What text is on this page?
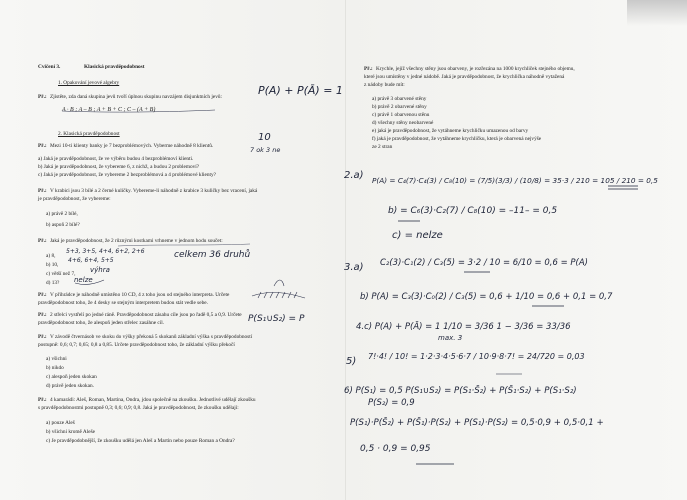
Cvičení 3.	Klasická pravděpodobnost
1. Opakování jevové algebry
Př.: Zjistěte, zda daná skupina jevů tvoří úplnou skupinu navzájem disjunktních jevů:
A · B ; A – B ; A + B + C ; C – (A + B)
P(A) + P(Ā) = 1
2. Klasická pravděpodobnost
Př.: Mezi 10-ti klienty banky je 7 bezproblémových. Vyberme náhodně 8 klientů.
10
7 ok 3 ne
a) Jaká je pravděpodobnost, že ve výběru budou 4 bezproblémoví klienti.
b) Jaká je pravděpodobnost, že vybereme 6, z nichž, a budou 2 problemoví?
c) Jaká je pravděpodobnost, že vybereme 2 bezproblémová a 4 problémové klienty?
Př.: V krabici jsou 3 bílé a 2 černé kuličky. Vybereme-li náhodně z krabice 3 kuličky bez vracení, jaká
je pravděpodobnost, že vybereme:
a) právě 2 bílé,
b) aspoň 2 bílé?
Př.: Jaká je pravděpodobnost, že 2 různými kostkami vrhneme v jednom hodu součet:
a) 8,
b) 10,
c) větší než 7,
d) 13?
5+3, 3+5, 4+4, 6+2, 2+6
4+6, 6+4, 5+5
výhra
nelze
celkem 36 druhů
Př.: V přihrádce je náhodně umístěno 10 CD, 4 z toho jsou od stejného interpreta. Určete
pravděpodobnost toho, že 4 desky se stejným interpretem budou stát vedle sebe.
Př.: 2 střelci vystřelí po jedné ráně. Pravděpodobnost zásahu cíle jsou po řadě 0,5 a 0,9. Určete
pravděpodobnost toho, že alespoň jeden střelec zasáhne cíl.	P(S₁∪S₂) = P
Př.: V závodě čtvernásob ve skoku do výšky překoná 5 skokanů základní výška s pravděpodobností
postupně: 0,6; 0,7; 0,65; 0,8 a 0,85. Určete pravděpodobnost toho, že základní výšku překočí
a) všichni
b) nikdo
c) alespoň jeden skokan
d) právě jeden skokan.
Př.: 4 kamarádi: Aleš, Roman, Martina, Ondra, jdou společně na zkoušku. Jednotlivé udělají zkoušku
s pravděpodobnostmi postupně 0,3; 0,6; 0,9; 0,8. Jaká je pravděpodobnost, že zkoušku udělají:
a) pouze Aleš
b) všichni kromě Aleše
c) Je pravděpodobnější, že zkoušku udělá jen Aleš a Martin nebo pouze Roman a Ondra?
Př.: Krychle, jejíž všechny stěny jsou obarveny, je rozřezána na 1000 krychliček stejného objemu,
které jsou umístěny v jedné nádobě. Jaká je pravděpodobnost, že krychlička náhodně vytažená
z nádoby bude mít:
a) právě 3 obarvené stěny
b) právě 2 obarvené stěny
c) právě 1 obarvenou stěnu
d) všechny stěny neobarvené
e) jaká je pravděpodobnost, že vytáhneme krychličku umazenou od barvy
f) jaká je pravděpodobnost, že vytáhneme krychličku, která je obarvená nejvýše
ze 2 stran
2.a) P(A) = C₄(7)·C₄(3) / C₈(10) = (7/5)(3/3) / (10/8) = 35·3 / 210 = 105 / 210 = 0,5
b) = C₆(3)·C₂(7) / C₈(10) = –11– = 0,5
c) = nelze
3.a) C₂(3)·C₁(2) / C₃(5) = 3·2 / 10 = 6/10 = 0,6 = P(A)
b) P(A) = C₃(3)·C₀(2) / C₃(5) = 0,6 + 1/10 = 0,6 + 0,1 = 0,7
4.c) P(A) + P(Ā) = 1 1/10 = 3/36 1 − 3/36 = 33/36
max. 3
5) 7!·4! / 10! = 1·2·3·4·5·6·7 / 10·9·8·7! = 24/720 = 0,03
6) P(S₁) = 0,5 P(S₁∪S₂) = P(S₁·S̄₂) + P(S̄₁·S₂) + P(S₁·S₂)
P(S₂) = 0,9
P(S₁)·P(S̄₂) + P(S̄₁)·P(S₂) + P(S₁)·P(S₂) = 0,5·0,9 + 0,5·0,1 +
0,5 · 0,9 = 0,95
